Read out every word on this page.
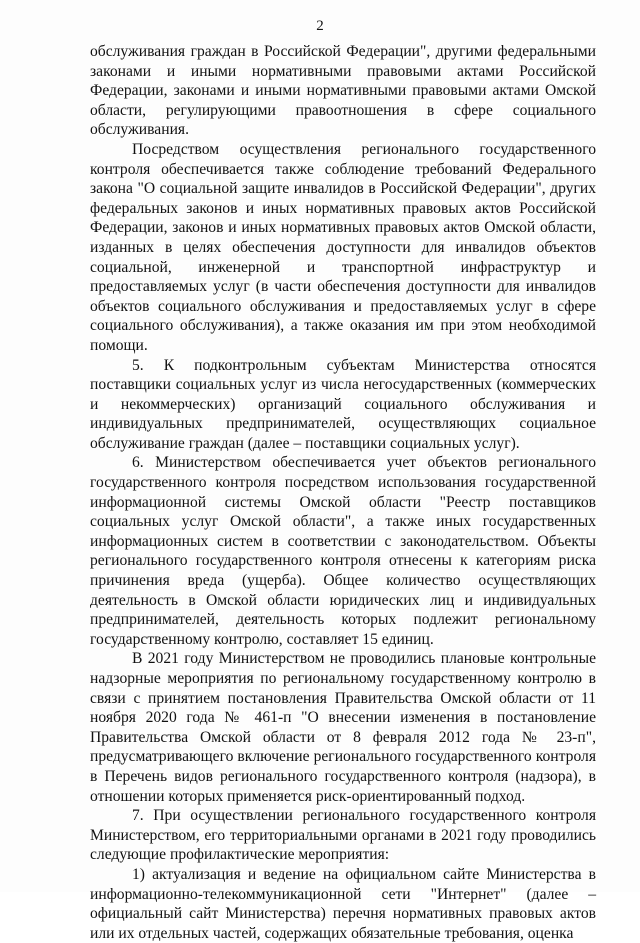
2

обслуживания граждан в Российской Федерации", другими федеральными законами и иными нормативными правовыми актами Российской Федерации, законами и иными нормативными правовыми актами Омской области, регулирующими правоотношения в сфере социального обслуживания.

Посредством осуществления регионального государственного контроля обеспечивается также соблюдение требований Федерального закона "О социальной защите инвалидов в Российской Федерации", других федеральных законов и иных нормативных правовых актов Российской Федерации, законов и иных нормативных правовых актов Омской области, изданных в целях обеспечения доступности для инвалидов объектов социальной, инженерной и транспортной инфраструктур и предоставляемых услуг (в части обеспечения доступности для инвалидов объектов социального обслуживания и предоставляемых услуг в сфере социального обслуживания), а также оказания им при этом необходимой помощи.

5. К подконтрольным субъектам Министерства относятся поставщики социальных услуг из числа негосударственных (коммерческих и некоммерческих) организаций социального обслуживания и индивидуальных предпринимателей, осуществляющих социальное обслуживание граждан (далее – поставщики социальных услуг).

6. Министерством обеспечивается учет объектов регионального государственного контроля посредством использования государственной информационной системы Омской области "Реестр поставщиков социальных услуг Омской области", а также иных государственных информационных систем в соответствии с законодательством. Объекты регионального государственного контроля отнесены к категориям риска причинения вреда (ущерба). Общее количество осуществляющих деятельность в Омской области юридических лиц и индивидуальных предпринимателей, деятельность которых подлежит региональному государственному контролю, составляет 15 единиц.

В 2021 году Министерством не проводились плановые контрольные надзорные мероприятия по региональному государственному контролю в связи с принятием постановления Правительства Омской области от 11 ноября 2020 года № 461-п "О внесении изменения в постановление Правительства Омской области от 8 февраля 2012 года № 23-п", предусматривающего включение регионального государственного контроля в Перечень видов регионального государственного контроля (надзора), в отношении которых применяется риск-ориентированный подход.

7. При осуществлении регионального государственного контроля Министерством, его территориальными органами в 2021 году проводились следующие профилактические мероприятия:

1) актуализация и ведение на официальном сайте Министерства в информационно-телекоммуникационной сети "Интернет" (далее – официальный сайт Министерства) перечня нормативных правовых актов или их отдельных частей, содержащих обязательные требования, оценка
